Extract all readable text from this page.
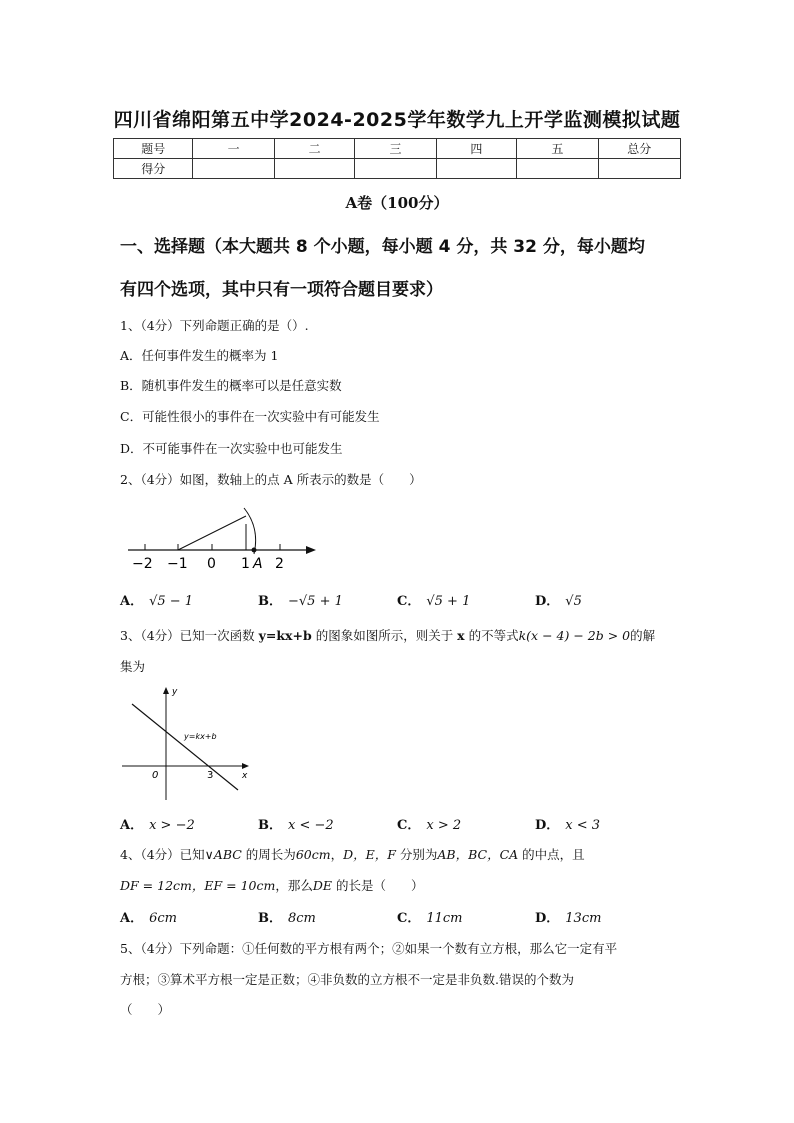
四川省绵阳第五中学2024-2025学年数学九上开学监测模拟试题
题号	一	二	三	四	五	总分
得分						
A卷（100分）
一、选择题（本大题共 8 个小题，每小题 4 分，共 32 分，每小题均
有四个选项，其中只有一项符合题目要求）
1、（4分）下列命题正确的是（）.
A．任何事件发生的概率为 1
B．随机事件发生的概率可以是任意实数
C．可能性很小的事件在一次实验中有可能发生
D．不可能事件在一次实验中也可能发生
2、（4分）如图，数轴上的点 A 所表示的数是（　　）
−2 −1 0 1 2
A
A． √5 − 1	B． −√5 + 1	C． √5 + 1	D． √5
3、（4分）已知一次函数 y=kx+b 的图象如图所示，则关于 x 的不等式k(x − 4) − 2b > 0的解
集为
y
x
0	3
y=kx+b
A． x > −2	B． x < −2	C． x > 2	D． x < 3
4、（4分）已知∨ABC 的周长为60cm，D，E，F 分别为AB，BC，CA 的中点，且
DF = 12cm，EF = 10cm，那么DE 的长是（　　）
A． 6cm	B． 8cm	C． 11cm	D． 13cm
5、（4分）下列命题：①任何数的平方根有两个；②如果一个数有立方根，那么它一定有平
方根；③算术平方根一定是正数；④非负数的立方根不一定是非负数.错误的个数为
（　　）
